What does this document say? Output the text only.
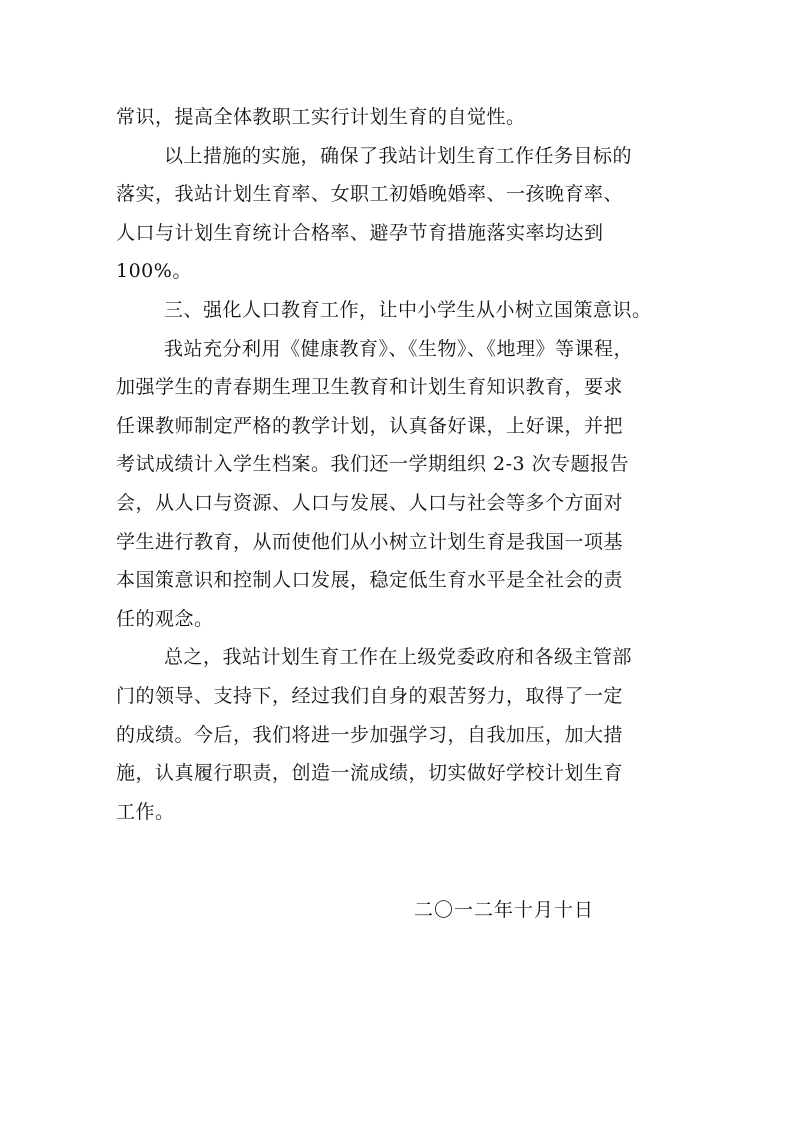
常识，提高全体教职工实行计划生育的自觉性。
以上措施的实施，确保了我站计划生育工作任务目标的
落实，我站计划生育率、女职工初婚晚婚率、一孩晚育率、
人口与计划生育统计合格率、避孕节育措施落实率均达到
100%。
三、强化人口教育工作，让中小学生从小树立国策意识。
我站充分利用《健康教育》、《生物》、《地理》等课程，
加强学生的青春期生理卫生教育和计划生育知识教育，要求
任课教师制定严格的教学计划，认真备好课，上好课，并把
考试成绩计入学生档案。我们还一学期组织 2-3 次专题报告
会，从人口与资源、人口与发展、人口与社会等多个方面对
学生进行教育，从而使他们从小树立计划生育是我国一项基
本国策意识和控制人口发展，稳定低生育水平是全社会的责
任的观念。
总之，我站计划生育工作在上级党委政府和各级主管部
门的领导、支持下，经过我们自身的艰苦努力，取得了一定
的成绩。今后，我们将进一步加强学习，自我加压，加大措
施，认真履行职责，创造一流成绩，切实做好学校计划生育
工作。
二〇一二年十月十日
